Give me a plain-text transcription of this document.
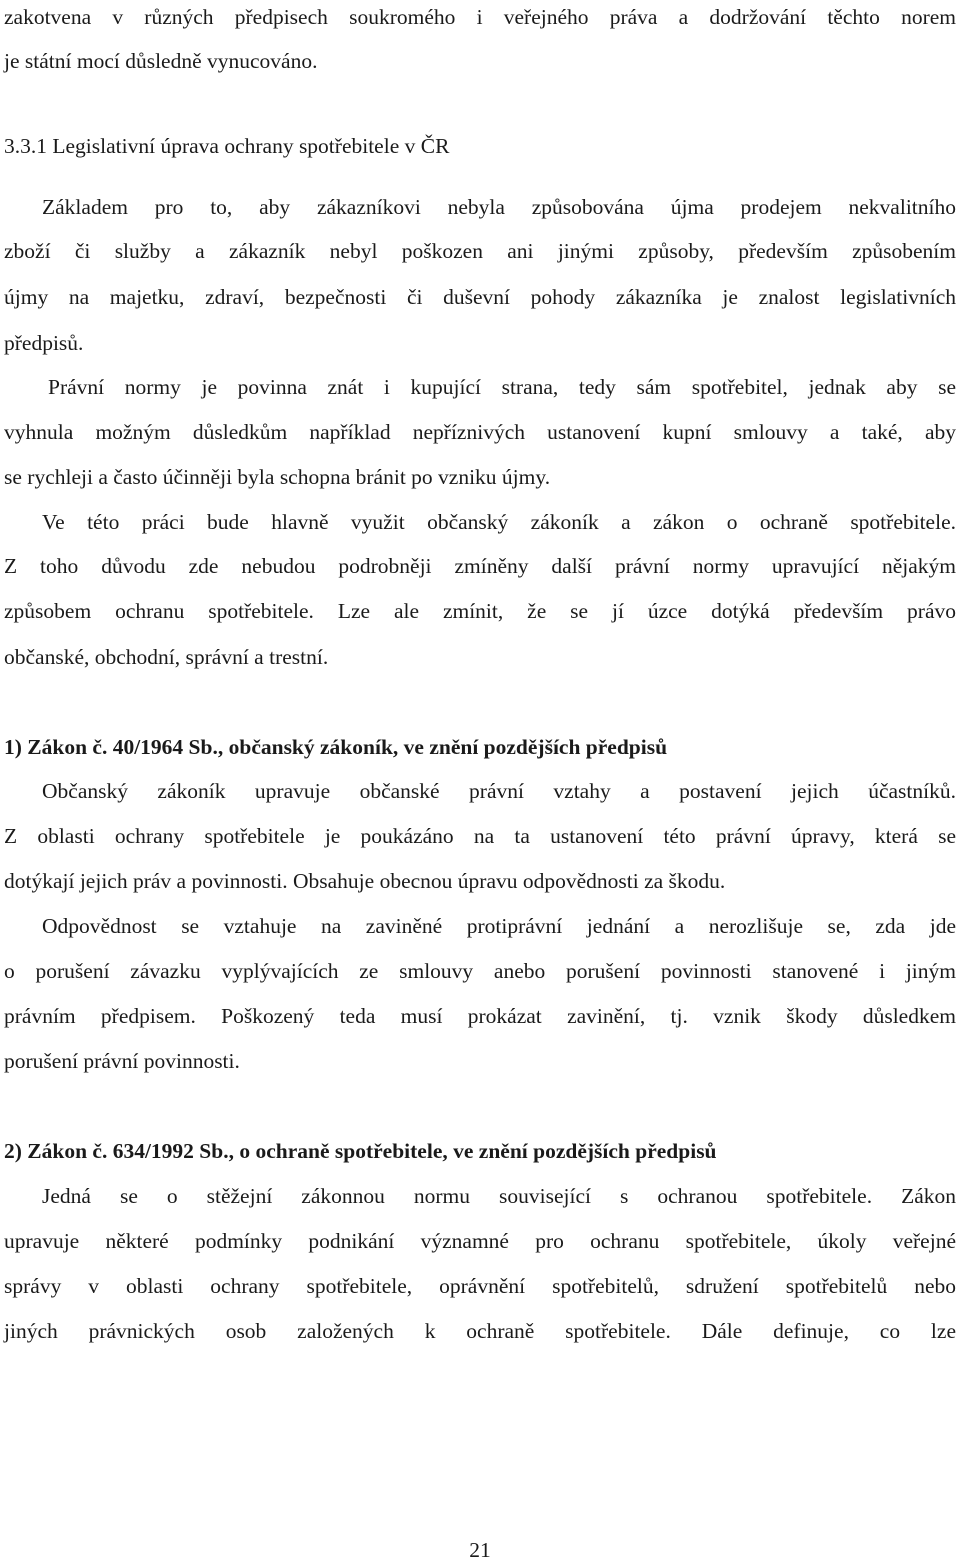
zakotvena v různých předpisech soukromého i veřejného práva a dodržování těchto norem
je státní mocí důsledně vynucováno.
3.3.1 Legislativní úprava ochrany spotřebitele v ČR
Základem pro to, aby zákazníkovi nebyla způsobována újma prodejem nekvalitního
zboží či služby a zákazník nebyl poškozen ani jinými způsoby, především způsobením
újmy na majetku, zdraví, bezpečnosti či duševní pohody zákazníka je znalost legislativních
předpisů.
Právní normy je povinna znát i kupující strana, tedy sám spotřebitel, jednak aby se
vyhnula možným důsledkům například nepříznivých ustanovení kupní smlouvy a také, aby
se rychleji a často účinněji byla schopna bránit po vzniku újmy.
Ve této práci bude hlavně využit občanský zákoník a zákon o ochraně spotřebitele.
Z toho důvodu zde nebudou podrobněji zmíněny další právní normy upravující nějakým
způsobem ochranu spotřebitele. Lze ale zmínit, že se jí úzce dotýká především právo
občanské, obchodní, správní a trestní.
1) Zákon č. 40/1964 Sb., občanský zákoník, ve znění pozdějších předpisů
Občanský zákoník upravuje občanské právní vztahy a postavení jejich účastníků.
Z oblasti ochrany spotřebitele je poukázáno na ta ustanovení této právní úpravy, která se
dotýkají jejich práv a povinnosti. Obsahuje obecnou úpravu odpovědnosti za škodu.
Odpovědnost se vztahuje na zaviněné protiprávní jednání a nerozlišuje se, zda jde
o porušení závazku vyplývajících ze smlouvy anebo porušení povinnosti stanovené i jiným
právním předpisem. Poškozený teda musí prokázat zavinění, tj. vznik škody důsledkem
porušení právní povinnosti.
2) Zákon č. 634/1992 Sb., o ochraně spotřebitele, ve znění pozdějších předpisů
Jedná se o stěžejní zákonnou normu související s ochranou spotřebitele. Zákon
upravuje některé podmínky podnikání významné pro ochranu spotřebitele, úkoly veřejné
správy v oblasti ochrany spotřebitele, oprávnění spotřebitelů, sdružení spotřebitelů nebo
jiných právnických osob založených k ochraně spotřebitele. Dále definuje, co lze
21
